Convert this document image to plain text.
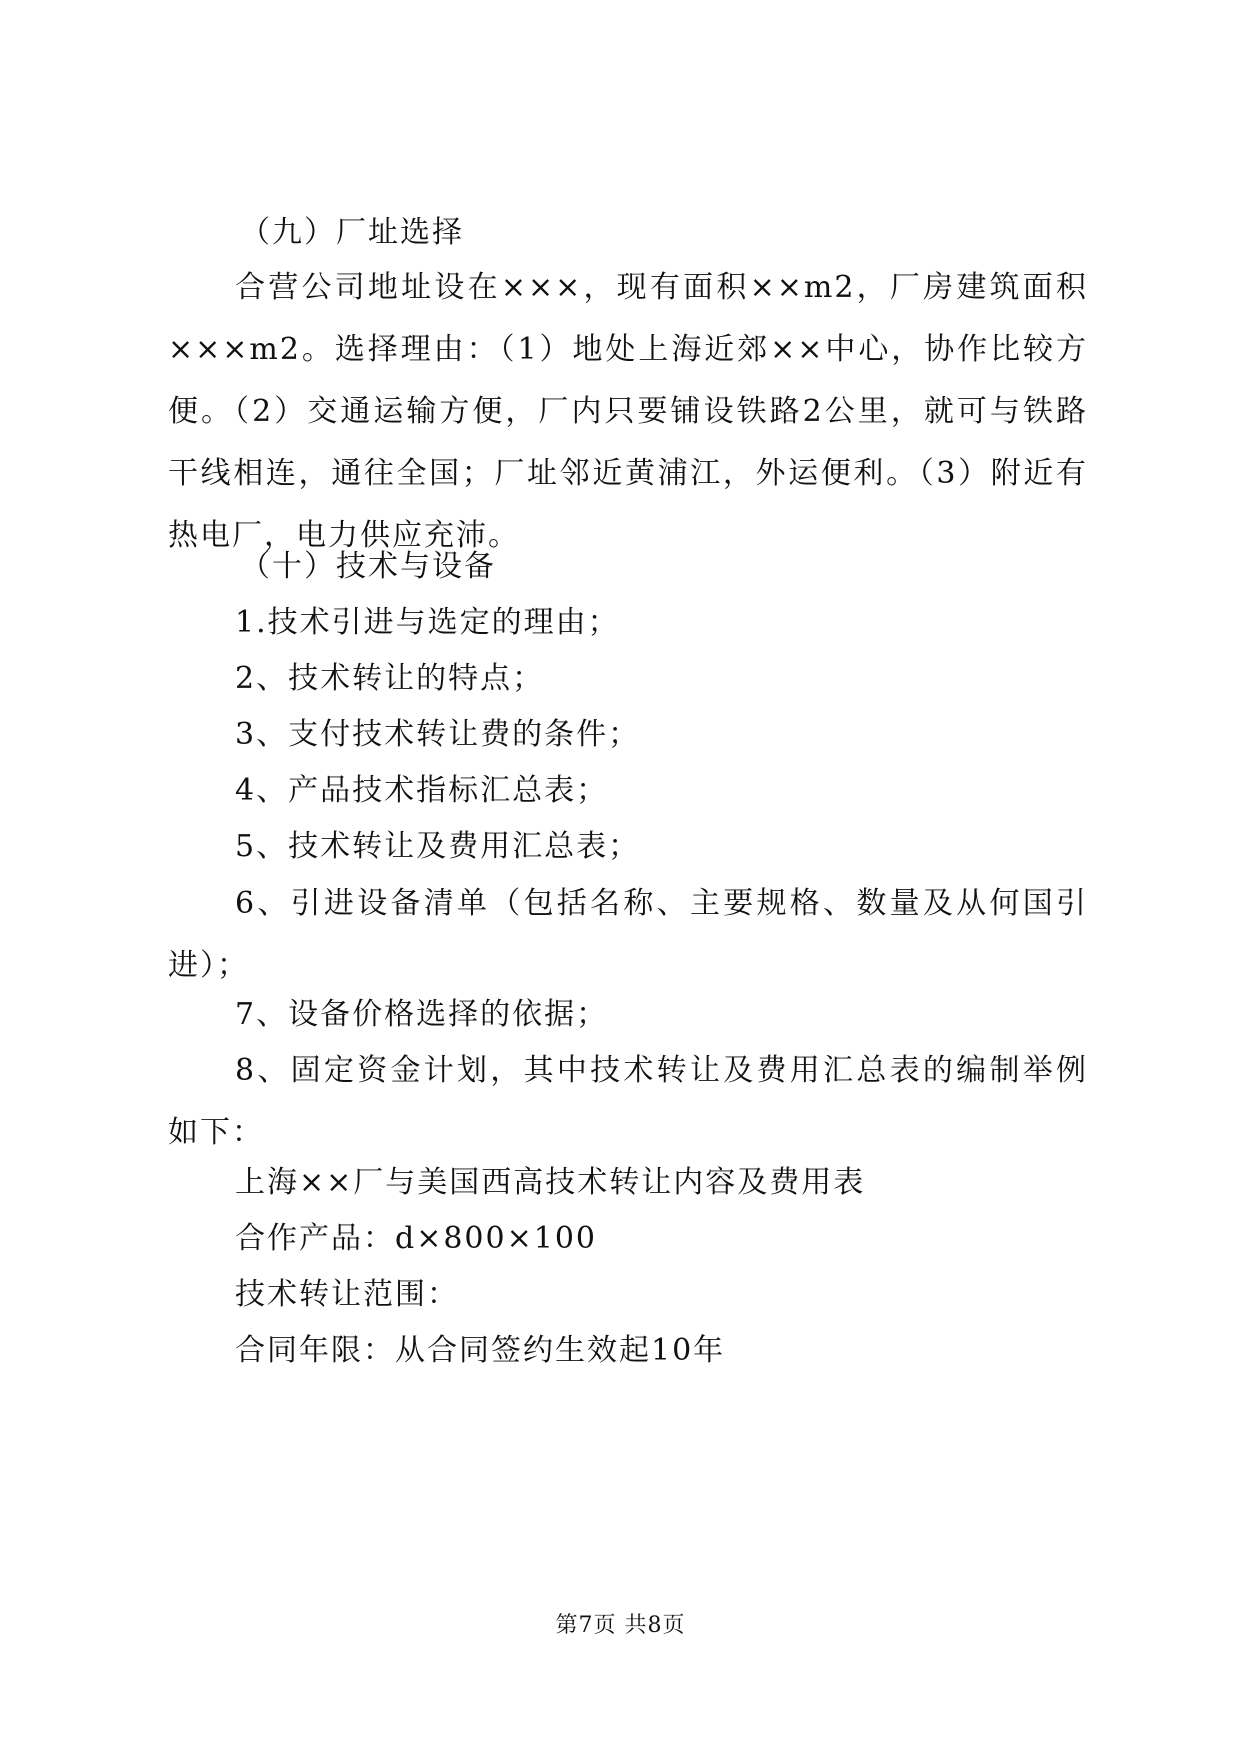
（九）厂址选择

合营公司地址设在×××，现有面积××m2，厂房建筑面积×××m2。选择理由：（1）地处上海近郊××中心，协作比较方便。（2）交通运输方便，厂内只要铺设铁路2公里，就可与铁路干线相连，通往全国；厂址邻近黄浦江，外运便利。（3）附近有热电厂，电力供应充沛。

（十）技术与设备

1.技术引进与选定的理由；

2、技术转让的特点；

3、支付技术转让费的条件；

4、产品技术指标汇总表；

5、技术转让及费用汇总表；

6、引进设备清单（包括名称、主要规格、数量及从何国引进）；

7、设备价格选择的依据；

8、固定资金计划，其中技术转让及费用汇总表的编制举例如下：

上海××厂与美国西高技术转让内容及费用表

合作产品：d×800×100

技术转让范围：

合同年限：从合同签约生效起10年

第7页 共8页
